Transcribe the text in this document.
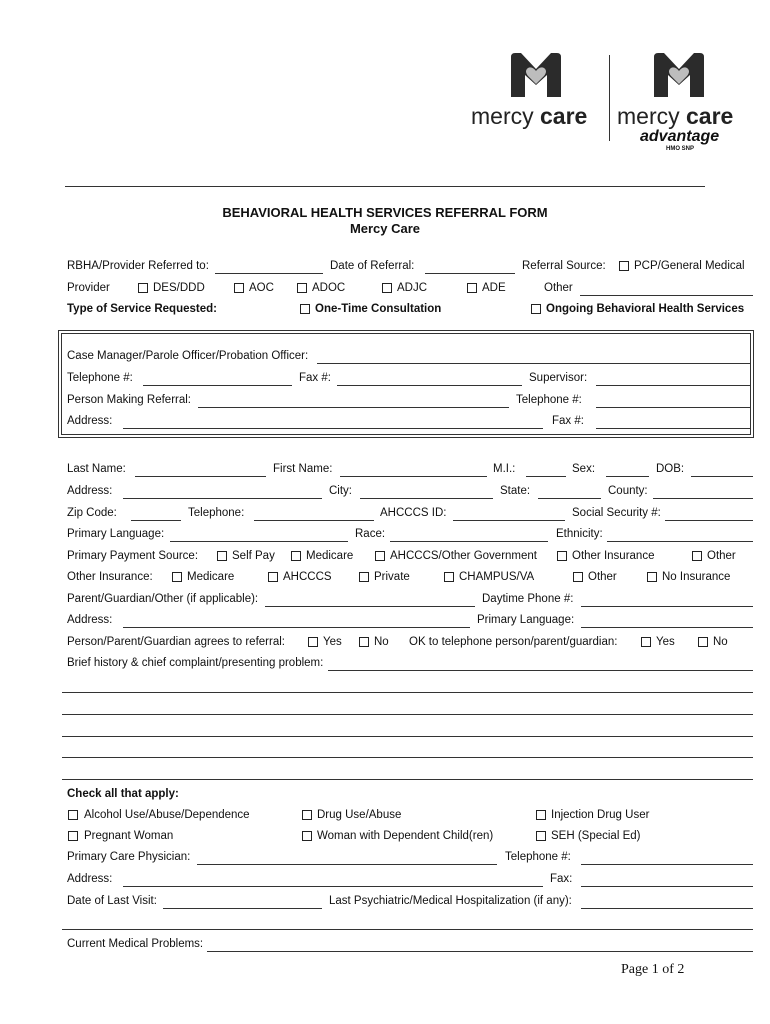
mercy care mercy care
advantage
HMO SNP
BEHAVIORAL HEALTH SERVICES REFERRAL FORM
Mercy Care
RBHA/Provider Referred to:	Date of Referral:	Referral Source: PCP/General Medical
Provider	DES/DDD	AOC	ADOC	ADJC	ADE	Other
Type of Service Requested:	One-Time Consultation	Ongoing Behavioral Health Services
Case Manager/Parole Officer/Probation Officer:
Telephone #:	Fax #:	Supervisor:
Person Making Referral:	Telephone #:
Address:	Fax #:
Last Name:	First Name:	M.I.:	Sex:	DOB:
Address:	City:	State:	County:
Zip Code:	Telephone:	AHCCCS ID:	Social Security #:
Primary Language:	Race:	Ethnicity:
Primary Payment Source:	Self Pay	Medicare	AHCCCS/Other Government	Other Insurance	Other
Other Insurance:	Medicare	AHCCCS	Private	CHAMPUS/VA	Other	No Insurance
Parent/Guardian/Other (if applicable):	Daytime Phone #:
Address:	Primary Language:
Person/Parent/Guardian agrees to referral:	Yes	No OK to telephone person/parent/guardian:	Yes	No
Brief history & chief complaint/presenting problem:
Check all that apply:
Alcohol Use/Abuse/Dependence	Drug Use/Abuse	Injection Drug User
Pregnant Woman	Woman with Dependent Child(ren)	SEH (Special Ed)
Primary Care Physician:	Telephone #:
Address:	Fax:
Date of Last Visit:	Last Psychiatric/Medical Hospitalization (if any):
Current Medical Problems:
Page 1 of 2
